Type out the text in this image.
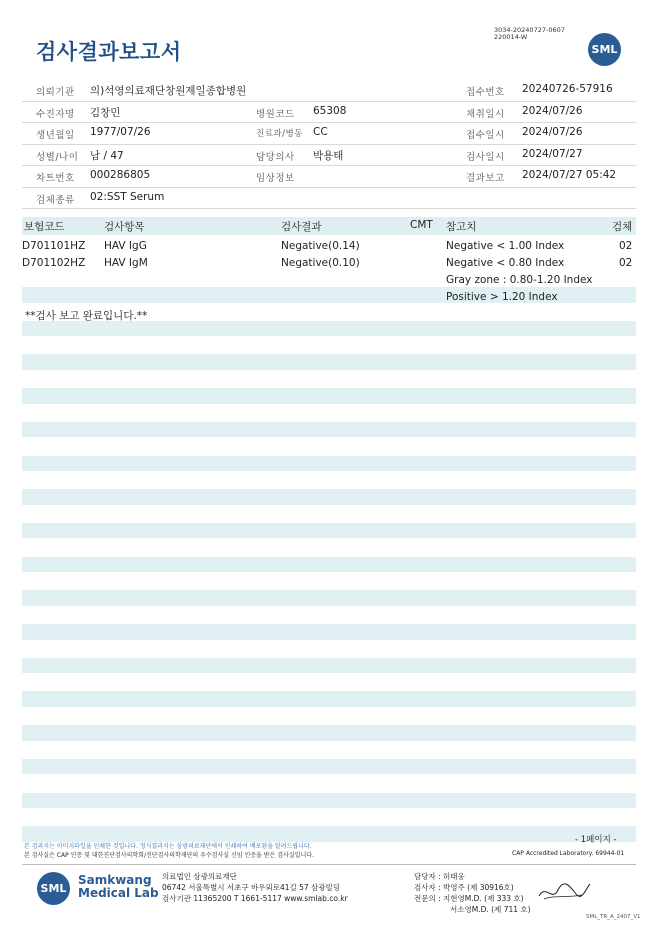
검사결과보고서
3034-20240727-0607
220014-W
SML
의뢰기관 의)석영의료재단창원제일종합병원	접수번호 20240726-57916
수진자명 김창민	병원코드 65308	채취일시 2024/07/26
생년월일 1977/07/26	진료과/병동 CC	접수일시 2024/07/26
성별/나이 남 / 47	담당의사 박용태	검사일시 2024/07/27
차트번호 000286805	임상정보	결과보고 2024/07/27 05:42
검체종류 02:SST Serum
보험코드	검사항목	검사결과	CMT 참고치	검체
D701101HZ HAV IgG	Negative(0.14)	Negative < 1.00 Index	02
D701102HZ HAV IgM	Negative(0.10)	Negative < 0.80 Index	02
Gray zone : 0.80-1.20 Index
Positive > 1.20 Index
**검사 보고 완료입니다.**
본 검과지는 이미지파일을 인쇄한 것입니다. 정식결과지는 삼광의료재단에서 인쇄하여 배포됨을 알려드립니다.
본 검사실은 CAP 인증 및 대한진단검사의학회/진단검사의학재단의 우수검사실 신임 인증을 받은 검사실입니다.
- 1페이지 -
CAP Accredited Laboratory. 69944-01
SML
Samkwang
Medical Lab
의료법인 삼광의료재단
06742 서울특별시 서초구 바우뫼로41길 57 삼광빌딩
검사기관 11365200 T 1661-5117 www.smlab.co.kr
담당자 : 허태웅
검사자 : 박영주 (제 30916호)
전문의 : 지현영M.D. (제 333 호)
서소영M.D. (제 711 호)
SML_TR_A_2407_V1
